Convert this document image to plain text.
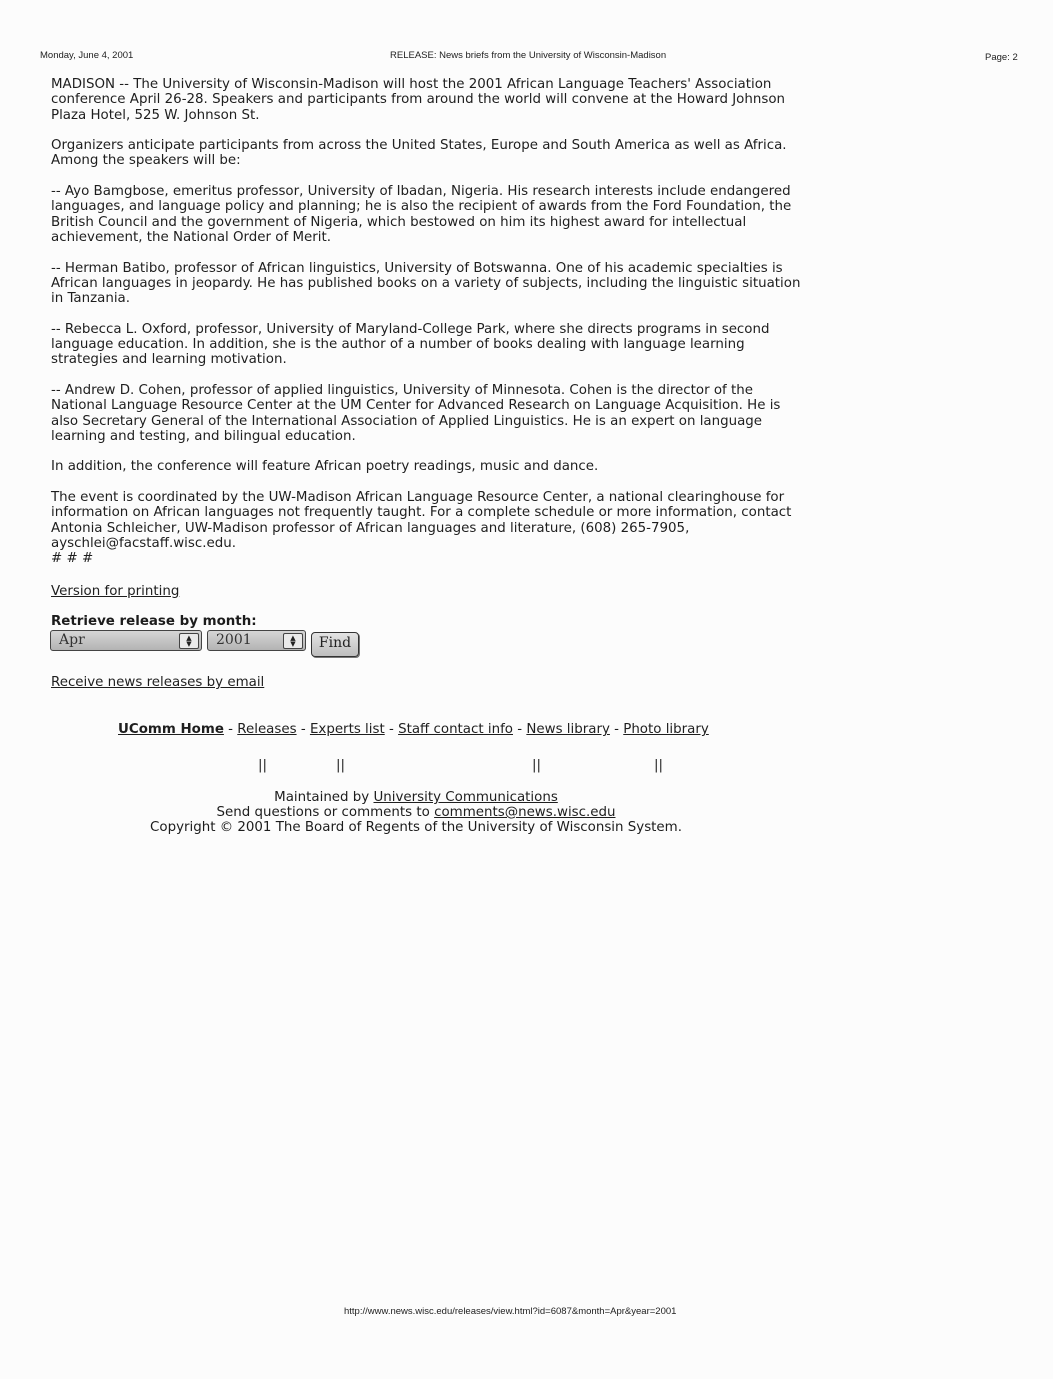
Monday, June 4, 2001	RELEASE: News briefs from the University of Wisconsin-Madison	Page: 2

MADISON -- The University of Wisconsin-Madison will host the 2001 African Language Teachers' Association conference April 26-28. Speakers and participants from around the world will convene at the Howard Johnson Plaza Hotel, 525 W. Johnson St.

Organizers anticipate participants from across the United States, Europe and South America as well as Africa. Among the speakers will be:

-- Ayo Bamgbose, emeritus professor, University of Ibadan, Nigeria. His research interests include endangered languages, and language policy and planning; he is also the recipient of awards from the Ford Foundation, the British Council and the government of Nigeria, which bestowed on him its highest award for intellectual achievement, the National Order of Merit.

-- Herman Batibo, professor of African linguistics, University of Botswanna. One of his academic specialties is African languages in jeopardy. He has published books on a variety of subjects, including the linguistic situation in Tanzania.

-- Rebecca L. Oxford, professor, University of Maryland-College Park, where she directs programs in second language education. In addition, she is the author of a number of books dealing with language learning strategies and learning motivation.

-- Andrew D. Cohen, professor of applied linguistics, University of Minnesota. Cohen is the director of the National Language Resource Center at the UM Center for Advanced Research on Language Acquisition. He is also Secretary General of the International Association of Applied Linguistics. He is an expert on language learning and testing, and bilingual education.

In addition, the conference will feature African poetry readings, music and dance.

The event is coordinated by the UW-Madison African Language Resource Center, a national clearinghouse for information on African languages not frequently taught. For a complete schedule or more information, contact Antonia Schleicher, UW-Madison professor of African languages and literature, (608) 265-7905, ayschlei@facstaff.wisc.edu.

# # #

Version for printing
Retrieve release by month:
Apr	▲
▼	2001	▲
▼	Find
Receive news releases by email
UComm Home - Releases - Experts list - Staff contact info - News library - Photo library
||	||	||	||
Maintained by University Communications
Send questions or comments to comments@news.wisc.edu
Copyright © 2001 The Board of Regents of the University of Wisconsin System.
http://www.news.wisc.edu/releases/view.html?id=6087&month=Apr&year=2001
